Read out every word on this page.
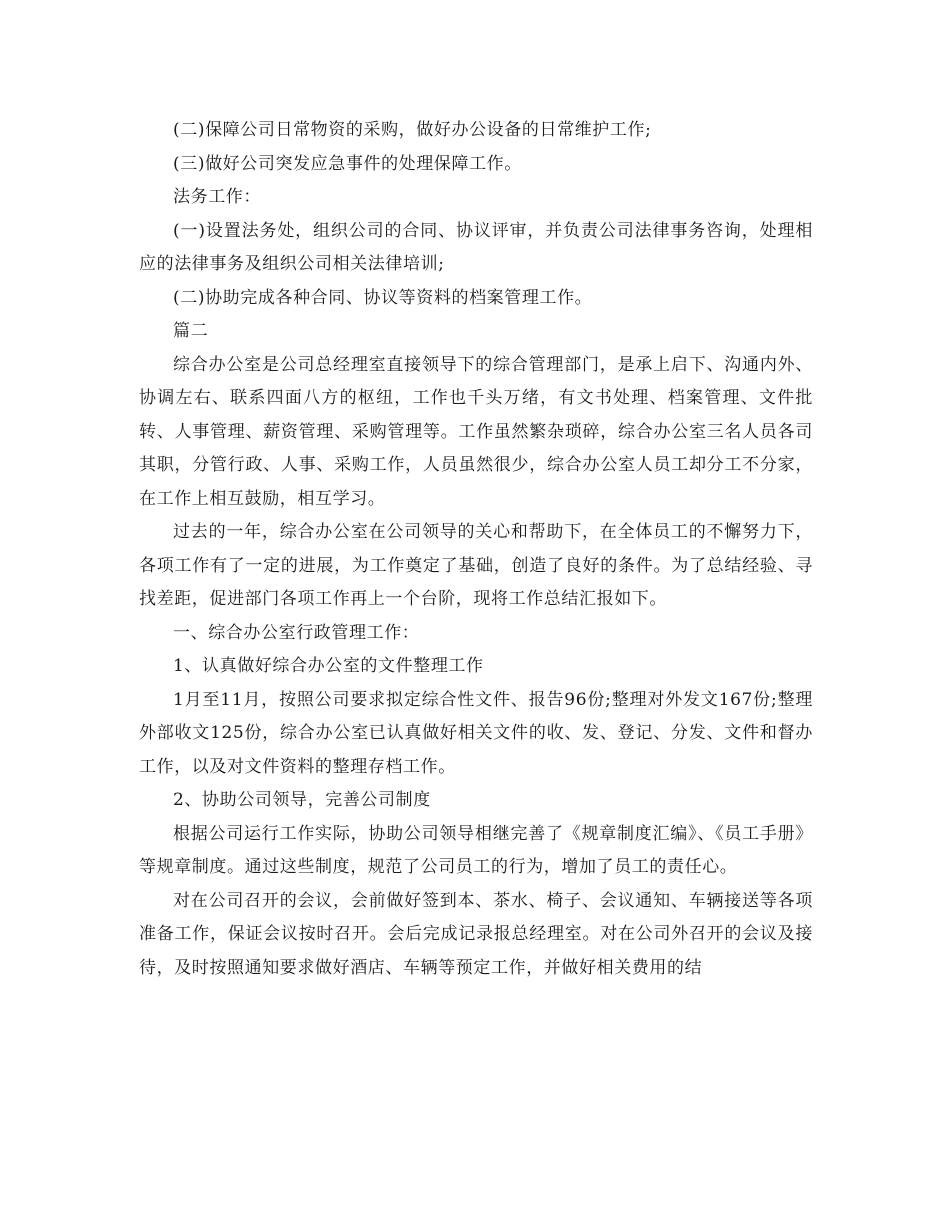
(二)保障公司日常物资的采购，做好办公设备的日常维护工作;

(三)做好公司突发应急事件的处理保障工作。

法务工作：

(一)设置法务处，组织公司的合同、协议评审，并负责公司法律事务咨询，处理相应的法律事务及组织公司相关法律培训;

(二)协助完成各种合同、协议等资料的档案管理工作。

篇二

综合办公室是公司总经理室直接领导下的综合管理部门，是承上启下、沟通内外、协调左右、联系四面八方的枢纽，工作也千头万绪，有文书处理、档案管理、文件批转、人事管理、薪资管理、采购管理等。工作虽然繁杂琐碎，综合办公室三名人员各司其职，分管行政、人事、采购工作，人员虽然很少，综合办公室人员工却分工不分家，在工作上相互鼓励，相互学习。

过去的一年，综合办公室在公司领导的关心和帮助下，在全体员工的不懈努力下，各项工作有了一定的进展，为工作奠定了基础，创造了良好的条件。为了总结经验、寻找差距，促进部门各项工作再上一个台阶，现将工作总结汇报如下。

一、综合办公室行政管理工作：

1、认真做好综合办公室的文件整理工作

1月至11月，按照公司要求拟定综合性文件、报告96份;整理对外发文167份;整理外部收文125份，综合办公室已认真做好相关文件的收、发、登记、分发、文件和督办工作，以及对文件资料的整理存档工作。

2、协助公司领导，完善公司制度

根据公司运行工作实际，协助公司领导相继完善了《规章制度汇编》、《员工手册》等规章制度。通过这些制度，规范了公司员工的行为，增加了员工的责任心。

对在公司召开的会议，会前做好签到本、茶水、椅子、会议通知、车辆接送等各项准备工作，保证会议按时召开。会后完成记录报总经理室。对在公司外召开的会议及接待，及时按照通知要求做好酒店、车辆等预定工作，并做好相关费用的结
